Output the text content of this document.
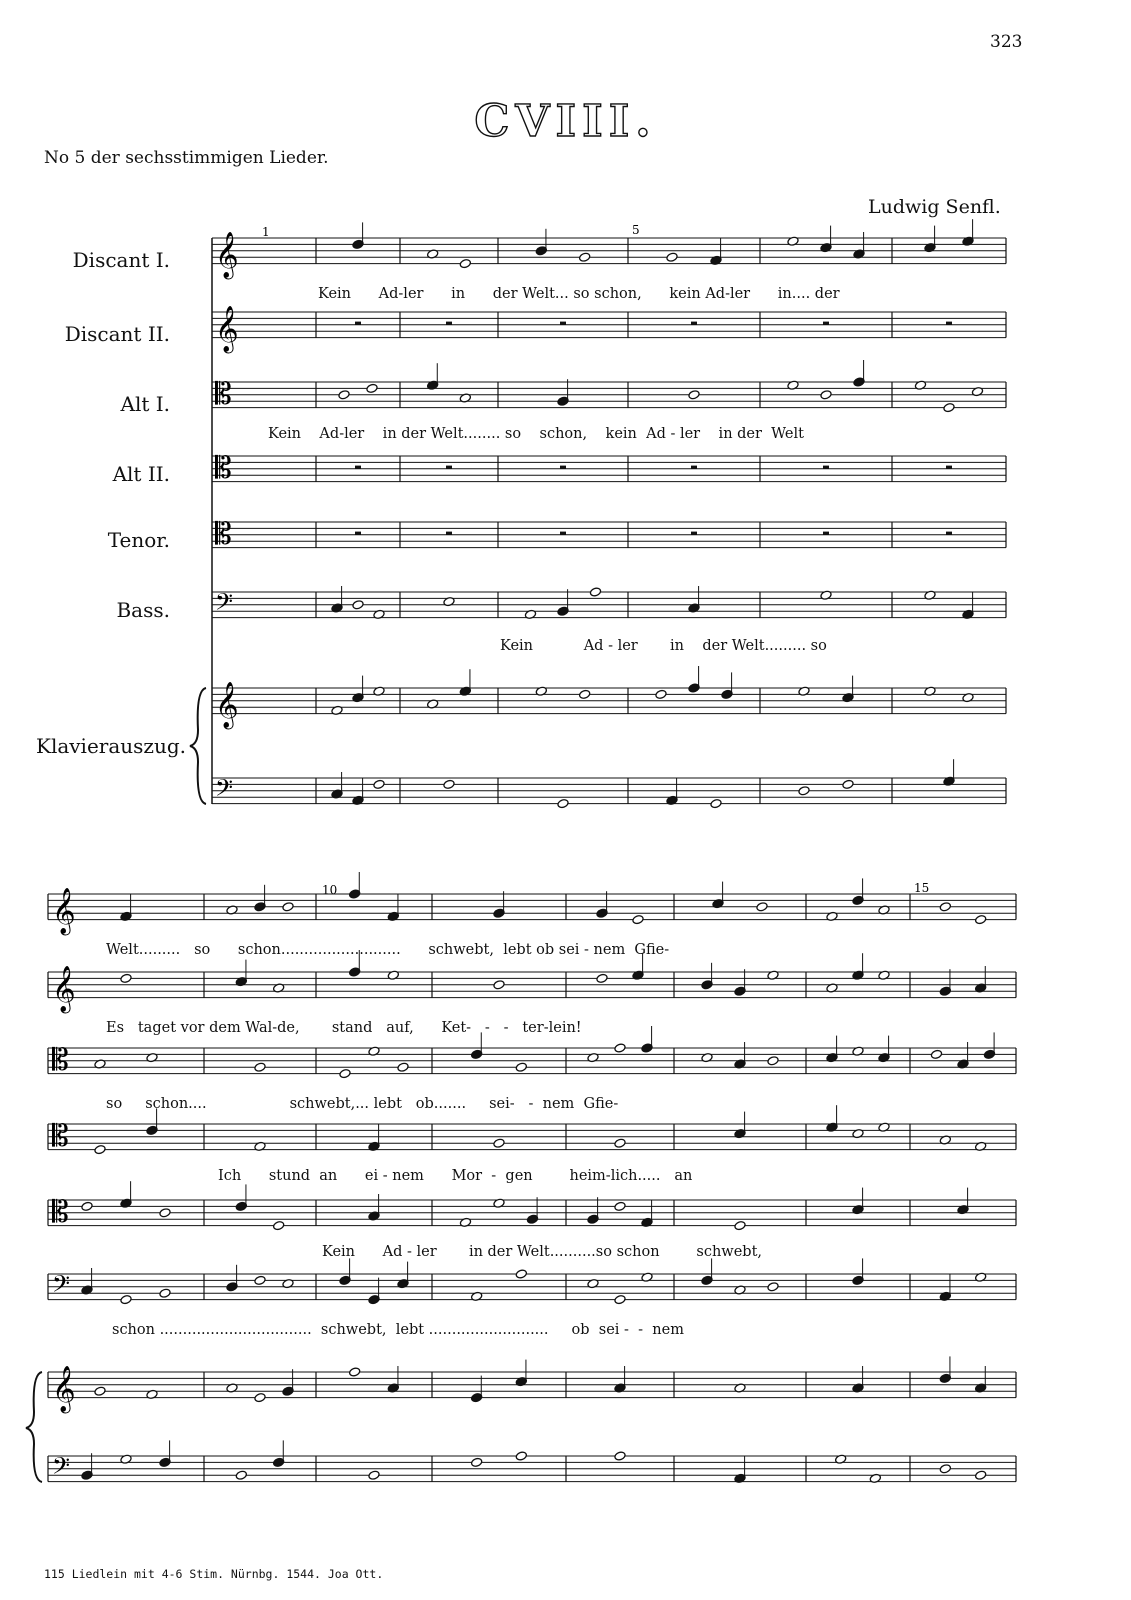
323
CVIII.
No 5 der sechsstimmigen Lieder.
Ludwig Senfl.
Discant I.
Discant II.
Alt I.
Alt II.
Tenor.
Bass.
Klavierauszug.
Kein      Ad-ler      in      der Welt... so schon,      kein Ad-ler      in.... der
Kein    Ad-ler    in der Welt........ so    schon,    kein  Ad - ler    in der  Welt
Kein           Ad - ler       in    der Welt......... so
Welt.........   so      schon..........................      schwebt,  lebt ob sei - nem  Gfie-
Es   taget vor dem Wal-de,       stand   auf,      Ket-   -   -   ter-lein!
so     schon....                  schwebt,... lebt   ob.......     sei-   -  nem  Gfie-
Ich      stund  an      ei - nem      Mor  -  gen        heim-lich.....   an
Kein      Ad - ler       in der Welt..........so schon        schwebt,
schon .................................  schwebt,  lebt ..........................     ob  sei -  -  nem
115 Liedlein mit 4-6 Stim. Nürnbg. 1544. Joa Ott.
1	5
10	15
𝄞
𝄞
𝄡
𝄡
𝄡
𝄢
𝄞
𝄢
𝄞
𝄞
𝄡
𝄡
𝄡
𝄢
𝄞
𝄢
